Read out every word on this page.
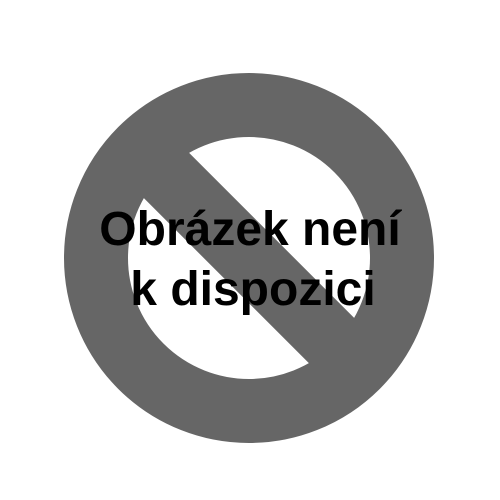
Obrázek není
k dispozici
